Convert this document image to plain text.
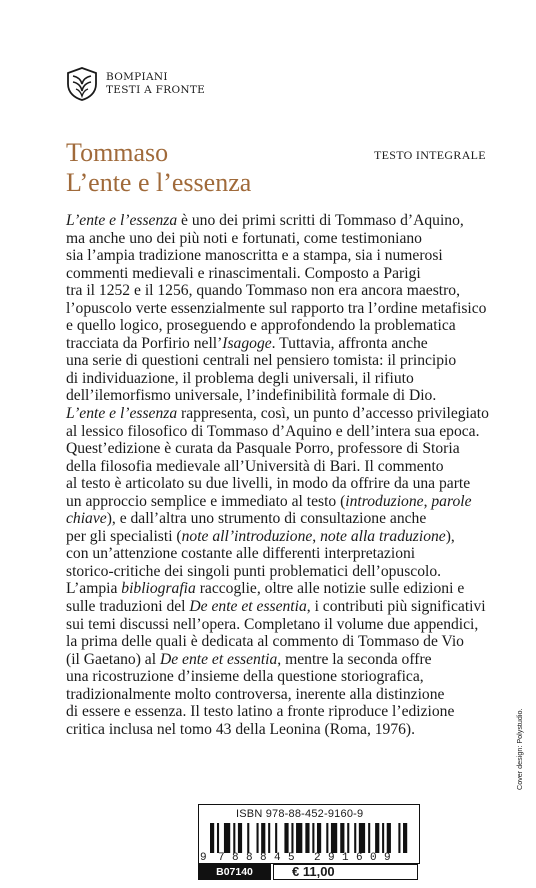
BOMPIANI
TESTI A FRONTE
Tommaso
L’ente e l’essenza
TESTO INTEGRALE
L’ente e l’essenza è uno dei primi scritti di Tommaso d’Aquino,
ma anche uno dei più noti e fortunati, come testimoniano
sia l’ampia tradizione manoscritta e a stampa, sia i numerosi
commenti medievali e rinascimentali. Composto a Parigi
tra il 1252 e il 1256, quando Tommaso non era ancora maestro,
l’opuscolo verte essenzialmente sul rapporto tra l’ordine metafisico
e quello logico, proseguendo e approfondendo la problematica
tracciata da Porfirio nell’Isagoge. Tuttavia, affronta anche
una serie di questioni centrali nel pensiero tomista: il principio
di individuazione, il problema degli universali, il rifiuto
dell’ilemorfismo universale, l’indefinibilità formale di Dio.
L’ente e l’essenza rappresenta, così, un punto d’accesso privilegiato
al lessico filosofico di Tommaso d’Aquino e dell’intera sua epoca.
Quest’edizione è curata da Pasquale Porro, professore di Storia
della filosofia medievale all’Università di Bari. Il commento
al testo è articolato su due livelli, in modo da offrire da una parte
un approccio semplice e immediato al testo (introduzione, parole
chiave), e dall’altra uno strumento di consultazione anche
per gli specialisti (note all’introduzione, note alla traduzione),
con un’attenzione costante alle differenti interpretazioni
storico-critiche dei singoli punti problematici dell’opuscolo.
L’ampia bibliografia raccoglie, oltre alle notizie sulle edizioni e
sulle traduzioni del De ente et essentia, i contributi più significativi
sui temi discussi nell’opera. Completano il volume due appendici,
la prima delle quali è dedicata al commento di Tommaso de Vio
(il Gaetano) al De ente et essentia, mentre la seconda offre
una ricostruzione d’insieme della questione storiografica,
tradizionalmente molto controversa, inerente alla distinzione
di essere e essenza. Il testo latino a fronte riproduce l’edizione
critica inclusa nel tomo 43 della Leonina (Roma, 1976).	Cover design: Polystudio.
ISBN 978-88-452-9160-9
9 7 8 8 8 4 5 2 9 1 6 0 9
B07140	€ 11,00
